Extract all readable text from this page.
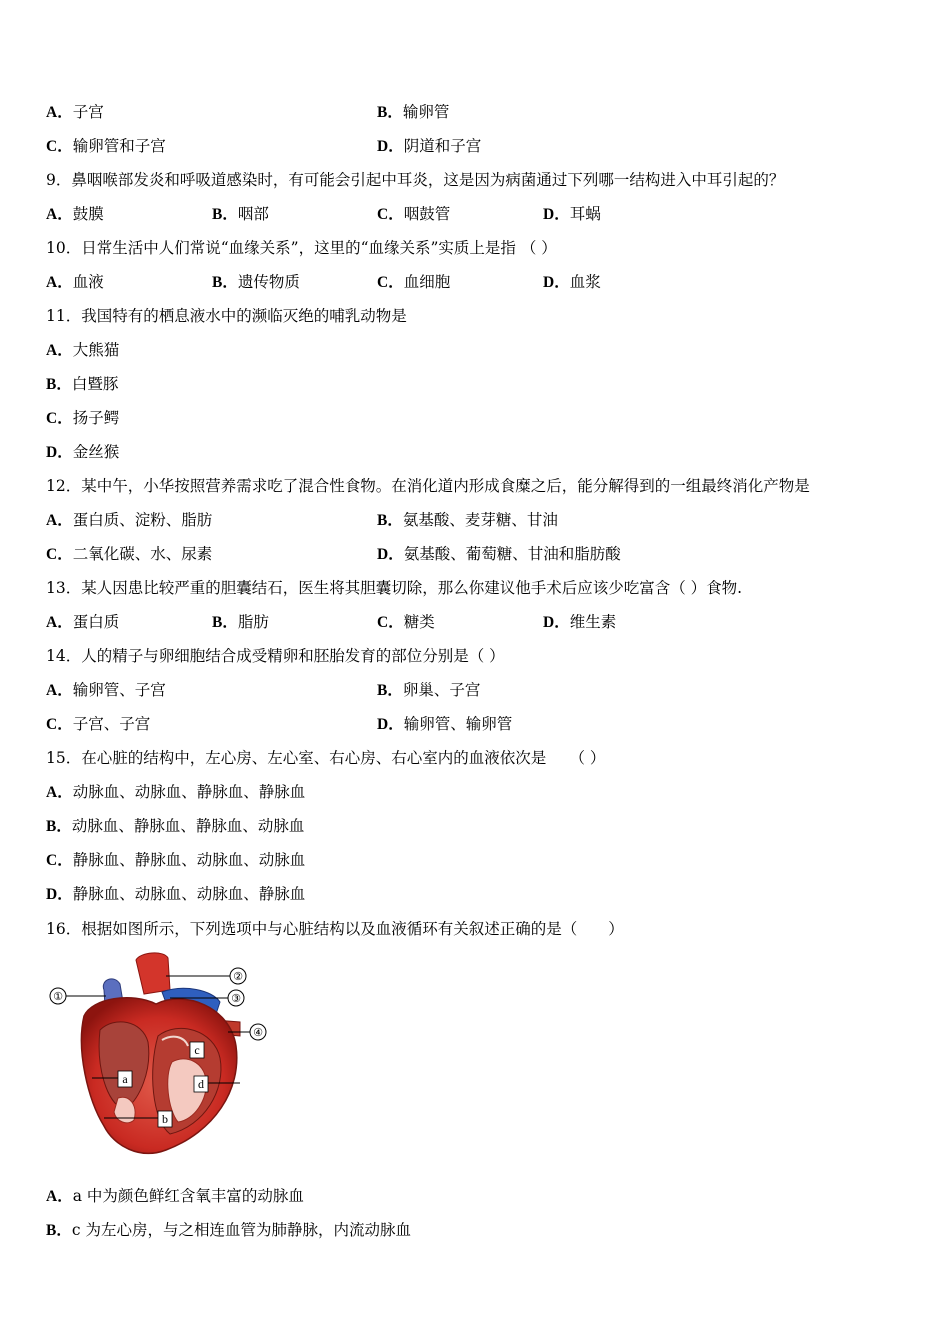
A．子宫	B．输卵管
C．输卵管和子宫	D．阴道和子宫
9．鼻咽喉部发炎和呼吸道感染时，有可能会引起中耳炎，这是因为病菌通过下列哪一结构进入中耳引起的？
A．鼓膜	B．咽部	C．咽鼓管	D．耳蜗
10．日常生活中人们常说“血缘关系”，这里的“血缘关系”实质上是指 （ ）
A．血液	B．遗传物质	C．血细胞	D．血浆
11．我国特有的栖息液水中的濒临灭绝的哺乳动物是
A．大熊猫
B．白暨豚
C．扬子鳄
D．金丝猴
12．某中午，小华按照营养需求吃了混合性食物。在消化道内形成食糜之后，能分解得到的一组最终消化产物是
A．蛋白质、淀粉、脂肪	B．氨基酸、麦芽糖、甘油
C．二氧化碳、水、尿素	D．氨基酸、葡萄糖、甘油和脂肪酸
13．某人因患比较严重的胆囊结石，医生将其胆囊切除，那么你建议他手术后应该少吃富含（ ）食物.
A．蛋白质	B．脂肪	C．糖类	D．维生素
14．人的精子与卵细胞结合成受精卵和胚胎发育的部位分别是（ ）
A．输卵管、子宫	B．卵巢、子宫
C．子宫、子宫	D．输卵管、输卵管
15．在心脏的结构中，左心房、左心室、右心房、右心室内的血液依次是　　（ ）
A．动脉血、动脉血、静脉血、静脉血
B．动脉血、静脉血、静脉血、动脉血
C．静脉血、静脉血、动脉血、动脉血
D．静脉血、动脉血、动脉血、静脉血
16．根据如图所示，下列选项中与心脏结构以及血液循环有关叙述正确的是（　　）
①
②
③
④
a
b
c
d
A．a 中为颜色鲜红含氧丰富的动脉血
B．c 为左心房，与之相连血管为肺静脉，内流动脉血
